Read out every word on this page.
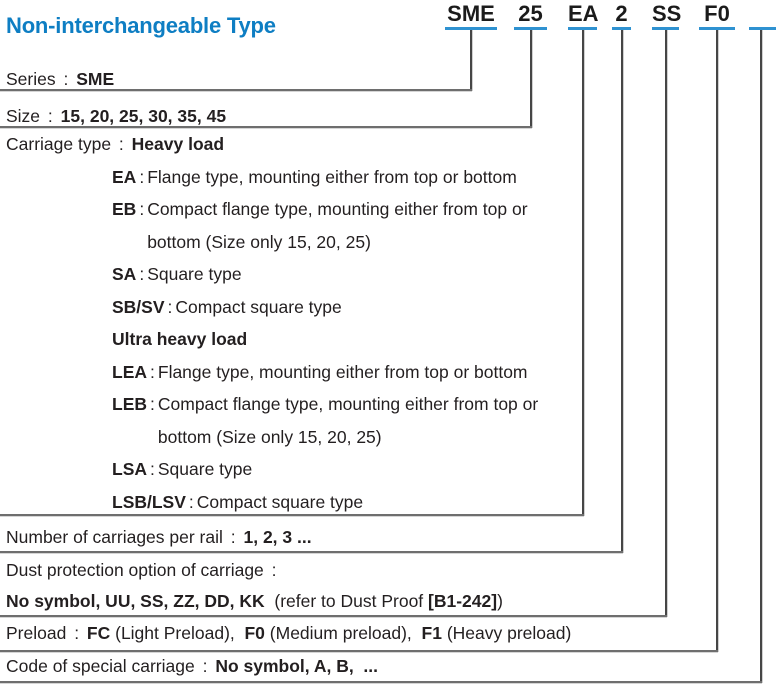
Non-interchangeable Type	SME 25 EA 2 SS F0
Series : SME
Size : 15, 20, 25, 30, 35, 45
Carriage type : Heavy load
EA : Flange type, mounting either from top or bottom
EB : Compact flange type, mounting either from top or
bottom (Size only 15, 20, 25)
SA : Square type
SB/SV : Compact square type
Ultra heavy load
LEA : Flange type, mounting either from top or bottom
LEB : Compact flange type, mounting either from top or
bottom (Size only 15, 20, 25)
LSA : Square type
LSB/LSV : Compact square type
Number of carriages per rail : 1, 2, 3 ...
Dust protection option of carriage :
No symbol, UU, SS, ZZ, DD, KK  (refer to Dust Proof [B1-242])
Preload : FC (Light Preload),  F0 (Medium preload),  F1 (Heavy preload)
Code of special carriage : No symbol, A, B,  ...
